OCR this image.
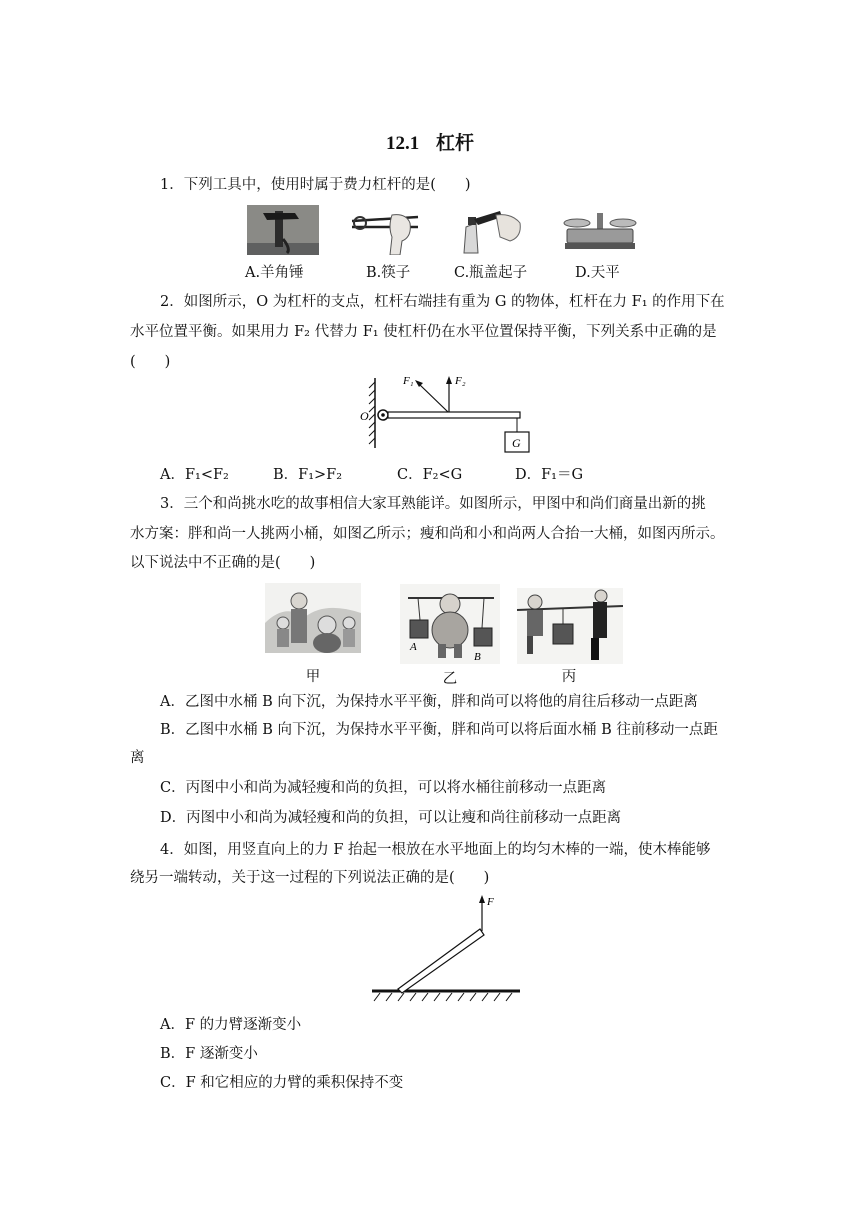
12.1 杠杆
1．下列工具中，使用时属于费力杠杆的是(　　)
A.羊角锤	B.筷子	C.瓶盖起子	D.天平
2．如图所示，O 为杠杆的支点，杠杆右端挂有重为 G 的物体，杠杆在力 F₁ 的作用下在
水平位置平衡。如果用力 F₂ 代替力 F₁ 使杠杆仍在水平位置保持平衡，下列关系中正确的是
(　　)
F₁	F₂
O
G
A．F₁<F₂	B．F₁>F₂	C．F₂<G	D．F₁＝G
3．三个和尚挑水吃的故事相信大家耳熟能详。如图所示，甲图中和尚们商量出新的挑
水方案：胖和尚一人挑两小桶，如图乙所示；瘦和尚和小和尚两人合抬一大桶，如图丙所示。
以下说法中不正确的是(　　)
A
B
甲	乙	丙
A．乙图中水桶 B 向下沉，为保持水平平衡，胖和尚可以将他的肩往后移动一点距离
B．乙图中水桶 B 向下沉，为保持水平平衡，胖和尚可以将后面水桶 B 往前移动一点距
离
C．丙图中小和尚为减轻瘦和尚的负担，可以将水桶往前移动一点距离
D．丙图中小和尚为减轻瘦和尚的负担，可以让瘦和尚往前移动一点距离
4．如图，用竖直向上的力 F 抬起一根放在水平地面上的均匀木棒的一端，使木棒能够
绕另一端转动，关于这一过程的下列说法正确的是(　　)
F
A．F 的力臂逐渐变小
B．F 逐渐变小
C．F 和它相应的力臂的乘积保持不变
